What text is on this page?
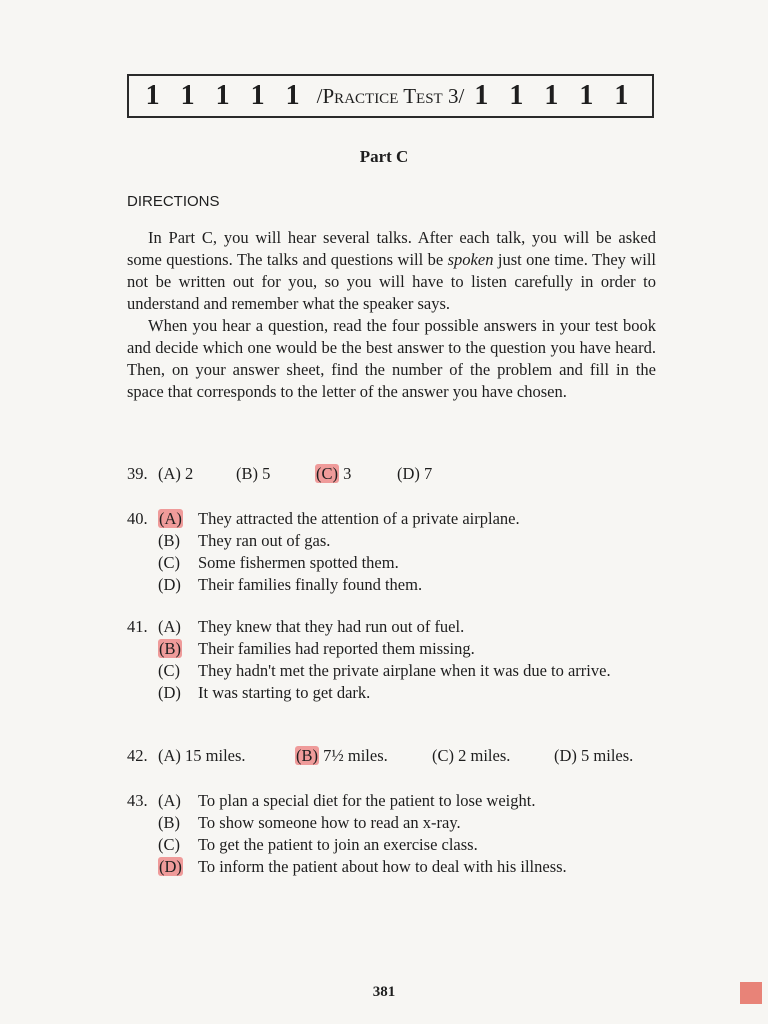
1 1 1 1 1 /Practice Test 3/ 1 1 1 1 1
Part C
DIRECTIONS

In Part C, you will hear several talks. After each talk, you will be asked some questions. The talks and questions will be spoken just one time. They will not be written out for you, so you will have to listen carefully in order to understand and remember what the speaker says.

When you hear a question, read the four possible answers in your test book and decide which one would be the best answer to the question you have heard. Then, on your answer sheet, find the number of the problem and fill in the space that corresponds to the letter of the answer you have chosen.

39. (A) 2	(B) 5	(C) 3	(D) 7
40. (A) They attracted the attention of a private airplane.
(B)	They ran out of gas.
(C)	Some fishermen spotted them.
(D)	Their families finally found them.
41. (A)	They knew that they had run out of fuel.
(B)	Their families had reported them missing.
(C)	They hadn't met the private airplane when it was due to arrive.
(D)	It was starting to get dark.
42. (A) 15 miles.	(B) 7½ miles.	(C) 2 miles.	(D) 5 miles.
43. (A)	To plan a special diet for the patient to lose weight.
(B)	To show someone how to read an x-ray.
(C)	To get the patient to join an exercise class.
(D) To inform the patient about how to deal with his illness.
381
